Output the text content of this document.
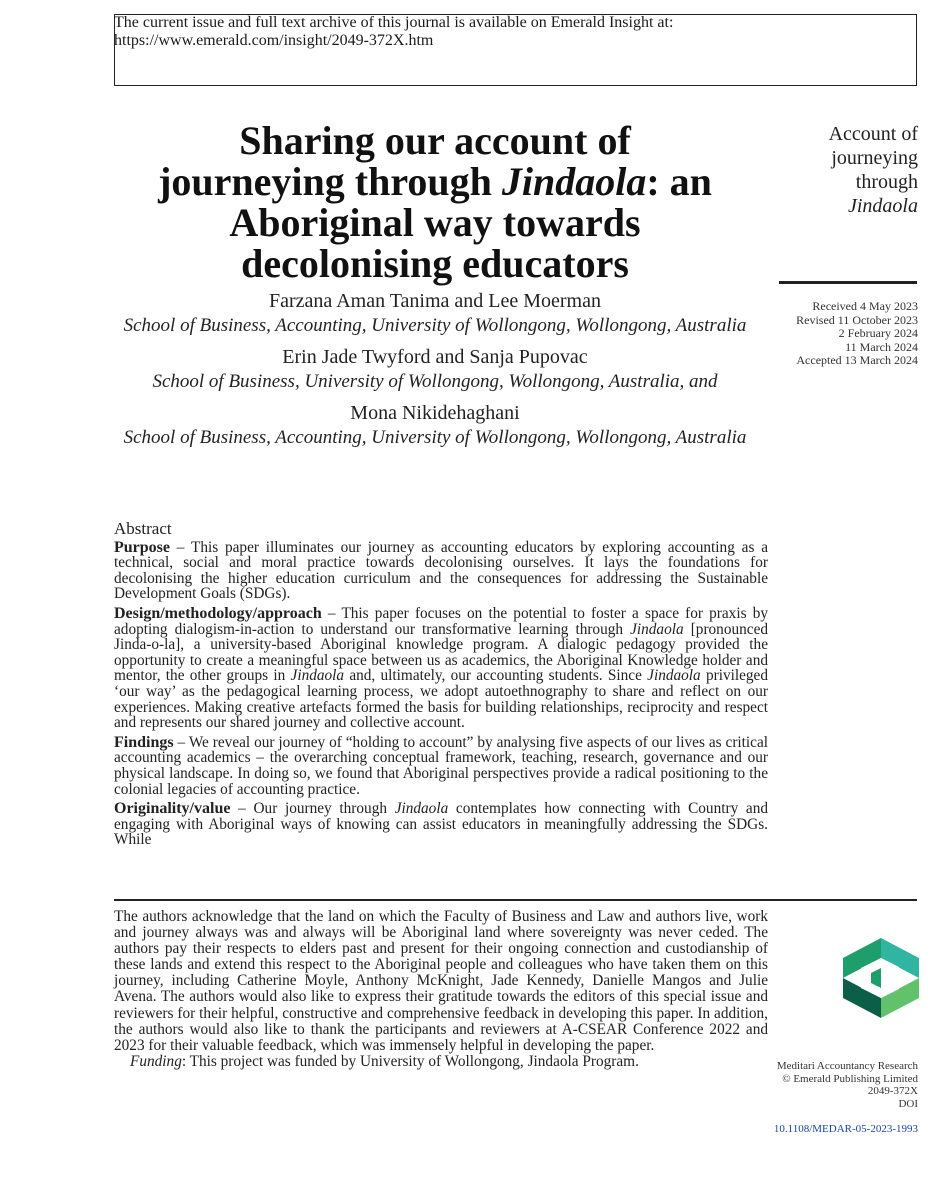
The current issue and full text archive of this journal is available on Emerald Insight at:
https://www.emerald.com/insight/2049-372X.htm
Sharing our account of
journeying through Jindaola: an
Aboriginal way towards
decolonising educators
Account of
journeying
through
Jindaola
Received 4 May 2023
Revised 11 October 2023
2 February 2024
11 March 2024
Accepted 13 March 2024
Farzana Aman Tanima and Lee Moerman
School of Business, Accounting, University of Wollongong, Wollongong, Australia
Erin Jade Twyford and Sanja Pupovac
School of Business, University of Wollongong, Wollongong, Australia, and
Mona Nikidehaghani
School of Business, Accounting, University of Wollongong, Wollongong, Australia
Abstract

Purpose – This paper illuminates our journey as accounting educators by exploring accounting as a technical, social and moral practice towards decolonising ourselves. It lays the foundations for decolonising the higher education curriculum and the consequences for addressing the Sustainable Development Goals (SDGs).

Design/methodology/approach – This paper focuses on the potential to foster a space for praxis by adopting dialogism-in-action to understand our transformative learning through Jindaola [pronounced Jinda-o-la], a university-based Aboriginal knowledge program. A dialogic pedagogy provided the opportunity to create a meaningful space between us as academics, the Aboriginal Knowledge holder and mentor, the other groups in Jindaola and, ultimately, our accounting students. Since Jindaola privileged ‘our way’ as the pedagogical learning process, we adopt autoethnography to share and reflect on our experiences. Making creative artefacts formed the basis for building relationships, reciprocity and respect and represents our shared journey and collective account.

Findings – We reveal our journey of “holding to account” by analysing five aspects of our lives as critical accounting academics – the overarching conceptual framework, teaching, research, governance and our physical landscape. In doing so, we found that Aboriginal perspectives provide a radical positioning to the colonial legacies of accounting practice.

Originality/value – Our journey through Jindaola contemplates how connecting with Country and engaging with Aboriginal ways of knowing can assist educators in meaningfully addressing the SDGs. While

The authors acknowledge that the land on which the Faculty of Business and Law and authors live, work and journey always was and always will be Aboriginal land where sovereignty was never ceded. The authors pay their respects to elders past and present for their ongoing connection and custodianship of these lands and extend this respect to the Aboriginal people and colleagues who have taken them on this journey, including Catherine Moyle, Anthony McKnight, Jade Kennedy, Danielle Mangos and Julie Avena. The authors would also like to express their gratitude towards the editors of this special issue and reviewers for their helpful, constructive and comprehensive feedback in developing this paper. In addition, the authors would also like to thank the participants and reviewers at A-CSEAR Conference 2022 and 2023 for their valuable feedback, which was immensely helpful in developing the paper.

Funding: This project was funded by University of Wollongong, Jindaola Program.	Meditari Accountancy Research
© Emerald Publishing Limited
2049-372X
DOI

10.1108/MEDAR-05-2023-1993
